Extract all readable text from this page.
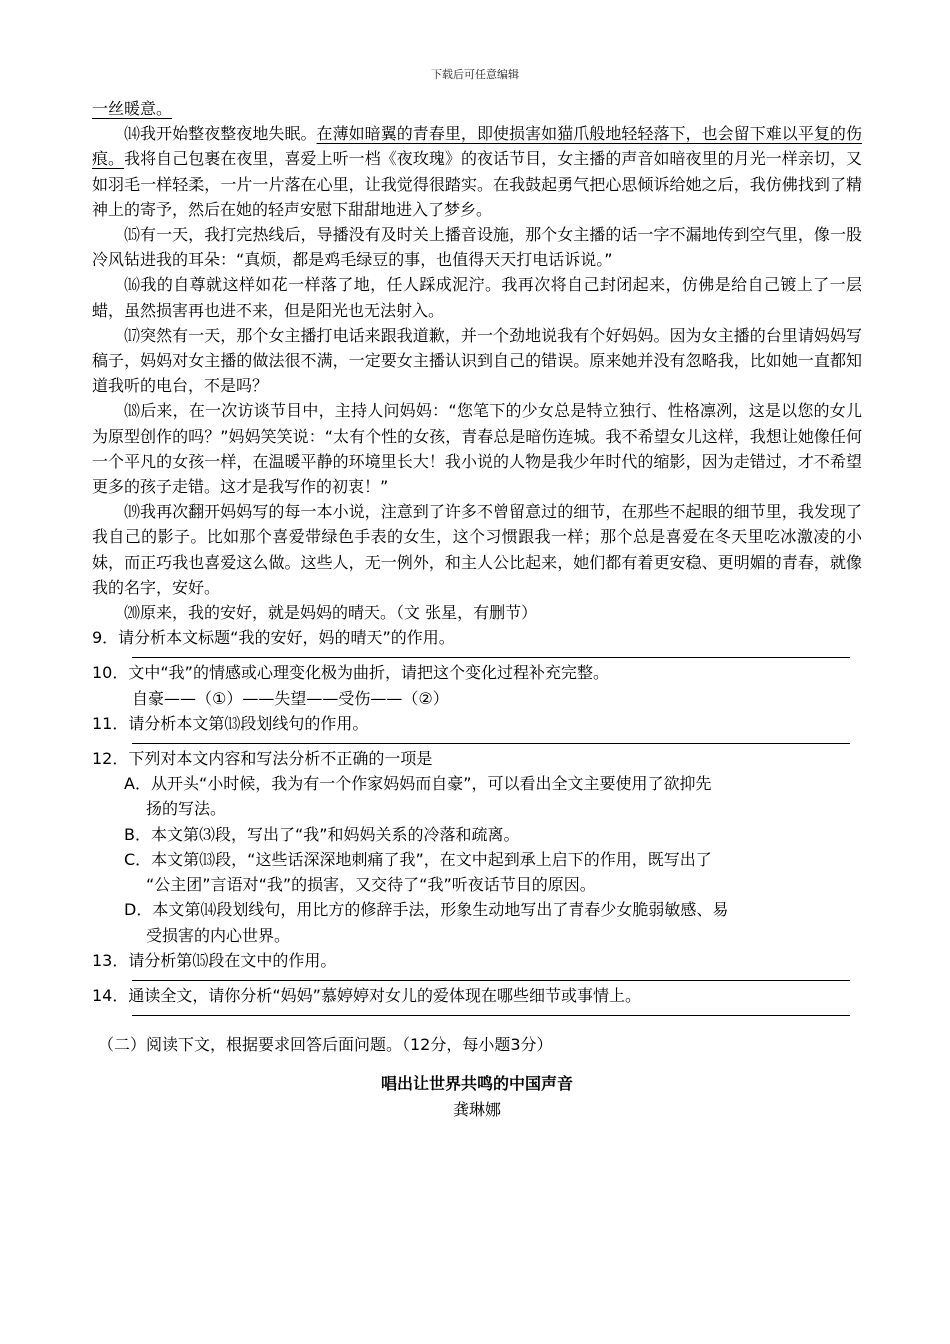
下载后可任意编辑

一丝暖意。

⒁我开始整夜整夜地失眠。在薄如暗翼的青春里，即使损害如猫爪般地轻轻落下，也会留下难以平复的伤痕。我将自己包裹在夜里，喜爱上听一档《夜玫瑰》的夜话节目，女主播的声音如暗夜里的月光一样亲切，又如羽毛一样轻柔，一片一片落在心里，让我觉得很踏实。在我鼓起勇气把心思倾诉给她之后，我仿佛找到了精神上的寄予，然后在她的轻声安慰下甜甜地进入了梦乡。

⒂有一天，我打完热线后，导播没有及时关上播音设施，那个女主播的话一字不漏地传到空气里，像一股冷风钻进我的耳朵：“真烦，都是鸡毛绿豆的事，也值得天天打电话诉说。”

⒃我的自尊就这样如花一样落了地，任人踩成泥泞。我再次将自己封闭起来，仿佛是给自己镀上了一层蜡，虽然损害再也进不来，但是阳光也无法射入。

⒄突然有一天，那个女主播打电话来跟我道歉，并一个劲地说我有个好妈妈。因为女主播的台里请妈妈写稿子，妈妈对女主播的做法很不满，一定要女主播认识到自己的错误。原来她并没有忽略我，比如她一直都知道我听的电台，不是吗？

⒅后来，在一次访谈节目中，主持人问妈妈：“您笔下的少女总是特立独行、性格凛冽，这是以您的女儿为原型创作的吗？”妈妈笑笑说：“太有个性的女孩，青春总是暗伤连城。我不希望女儿这样，我想让她像任何一个平凡的女孩一样，在温暖平静的环境里长大！我小说的人物是我少年时代的缩影，因为走错过，才不希望更多的孩子走错。这才是我写作的初衷！”

⒆我再次翻开妈妈写的每一本小说，注意到了许多不曾留意过的细节，在那些不起眼的细节里，我发现了我自己的影子。比如那个喜爱带绿色手表的女生，这个习惯跟我一样；那个总是喜爱在冬天里吃冰激凌的小妹，而正巧我也喜爱这么做。这些人，无一例外，和主人公比起来，她们都有着更安稳、更明媚的青春，就像我的名字，安好。

⒇原来，我的安好，就是妈妈的晴天。（文 张星，有删节）

9．请分析本文标题“我的安好，妈的晴天”的作用。

10．文中“我”的情感或心理变化极为曲折，请把这个变化过程补充完整。

自豪——（①）——失望——受伤——（②）

11．请分析本文第⒀段划线句的作用。

12．下列对本文内容和写法分析不正确的一项是

A．从开头“小时候，我为有一个作家妈妈而自豪”，可以看出全文主要使用了欲抑先

扬的写法。

B．本文第⑶段，写出了“我”和妈妈关系的冷落和疏离。

C．本文第⒀段，“这些话深深地刺痛了我”，在文中起到承上启下的作用，既写出了

“公主团”言语对“我”的损害，又交待了“我”听夜话节目的原因。

D．本文第⒁段划线句，用比方的修辞手法，形象生动地写出了青春少女脆弱敏感、易

受损害的内心世界。

13．请分析第⒂段在文中的作用。

14．通读全文，请你分析“妈妈”慕婷婷对女儿的爱体现在哪些细节或事情上。

（二）阅读下文，根据要求回答后面问题。（12分，每小题3分）

唱出让世界共鸣的中国声音
龚琳娜
